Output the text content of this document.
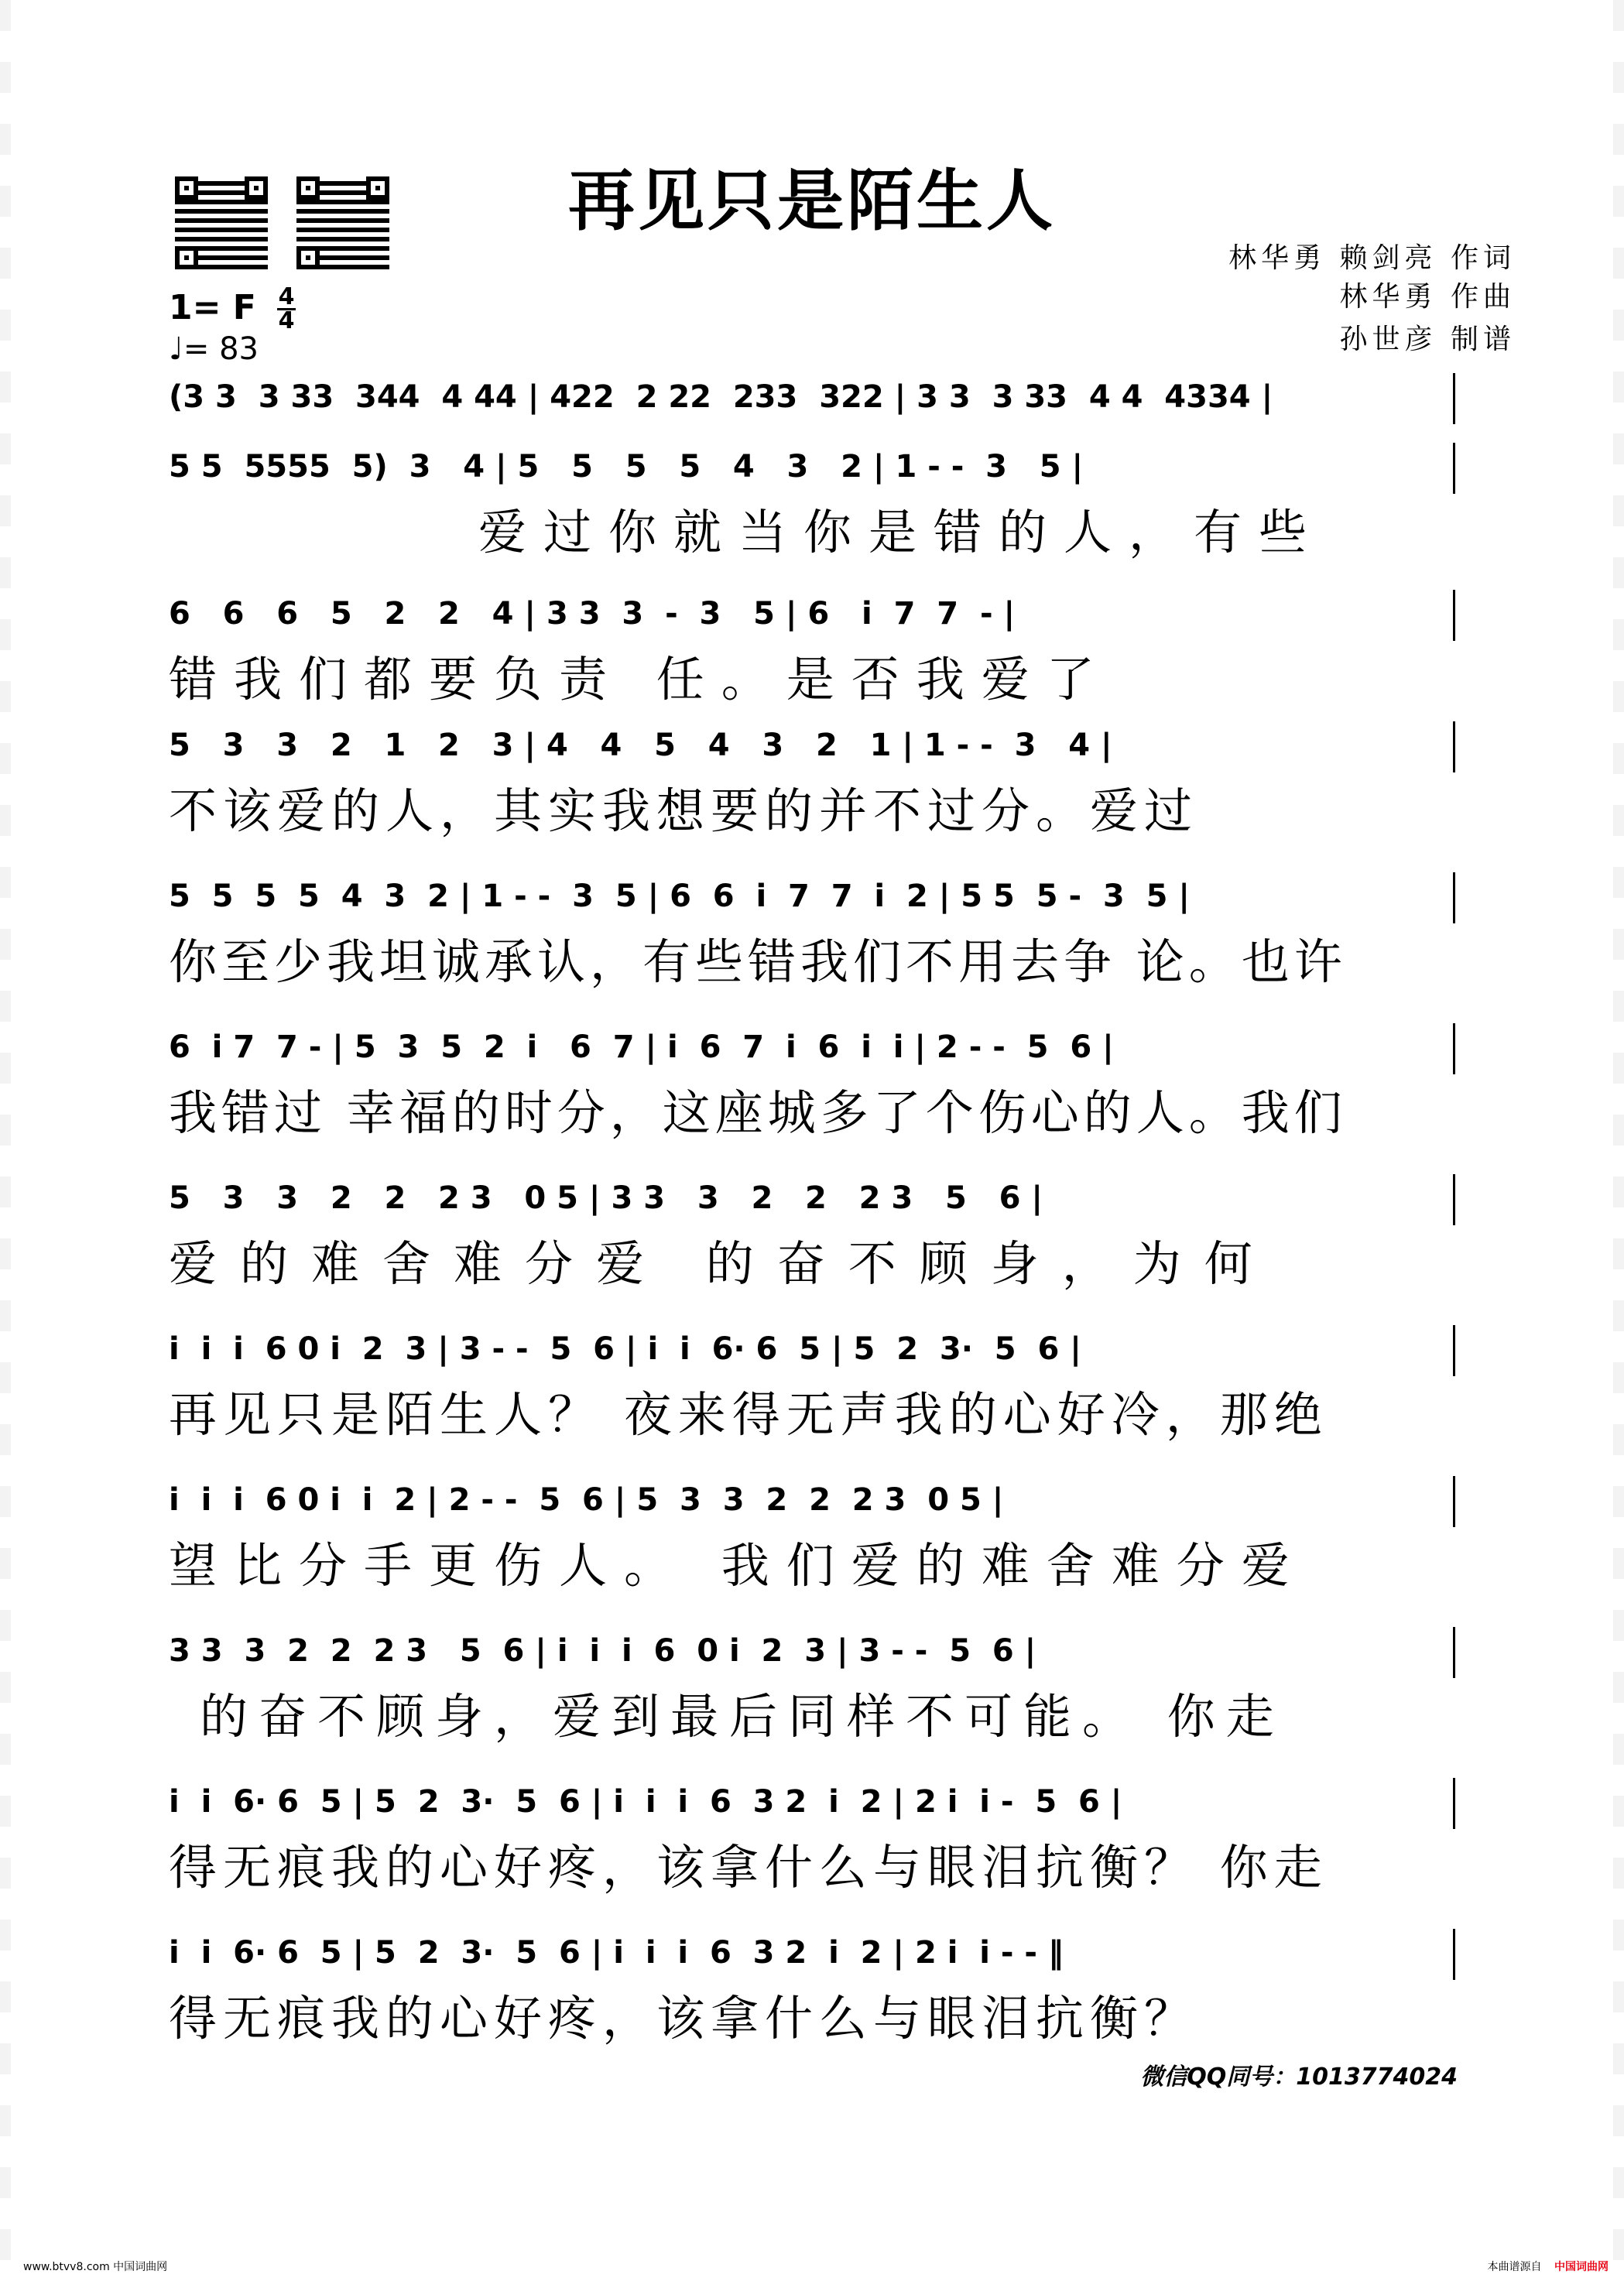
再见只是陌生人
林华勇 赖剑亮 作词
林华勇 作曲
孙世彦 制谱
1= F 4
4
♩= 83
(3 3  3 33  344  4 44 | 422  2 22  233  322 | 3 3  3 33  4 4  4334 |
5 5  5555  5)  3   4 | 5   5   5   5   4   3   2 | 1 - -  3   5 |
爱过你就当你是错的人，有些
6   6   6   5   2   2   4 | 3 3  3  -  3   5 | 6   i  7  7  - |
错我们都要负责 任。是否我爱了
5   3   3   2   1   2   3 | 4   4   5   4   3   2   1 | 1 - -  3   4 |
不该爱的人，其实我想要的并不过分。爱过
5  5  5  5  4  3  2 | 1 - -  3  5 | 6  6  i  7  7  i  2 | 5 5  5 -  3  5 |
你至少我坦诚承认，有些错我们不用去争 论。也许
6  i 7  7 - | 5  3  5  2  i   6  7 | i  6  7  i  6  i  i | 2 - -  5  6 |
我错过 幸福的时分，这座城多了个伤心的人。我们
5   3   3   2   2   2 3   0 5 | 3 3   3   2   2   2 3   5   6 |
爱的难舍难分爱 的奋不顾身，为何
i  i  i  6 0 i  2  3 | 3 - -  5  6 | i  i  6· 6  5 | 5  2  3·  5  6 |
再见只是陌生人？ 夜来得无声我的心好冷，那绝
i  i  i  6 0 i  i  2 | 2 - -  5  6 | 5  3  3  2  2  2 3  0 5 |
望比分手更伤人。 我们爱的难舍难分爱
3 3  3  2  2  2 3   5  6 | i  i  i  6  0 i  2  3 | 3 - -  5  6 |
的奋不顾身，爱到最后同样不可能。 你走
i  i  6· 6  5 | 5  2  3·  5  6 | i  i  i  6  3 2  i  2 | 2 i  i -  5  6 |
得无痕我的心好疼，该拿什么与眼泪抗衡？ 你走
i  i  6· 6  5 | 5  2  3·  5  6 | i  i  i  6  3 2  i  2 | 2 i  i - - ‖
得无痕我的心好疼，该拿什么与眼泪抗衡？
微信QQ同号：1013774024
www.btvv8.com 中国词曲网	本曲谱源自 中国词曲网
